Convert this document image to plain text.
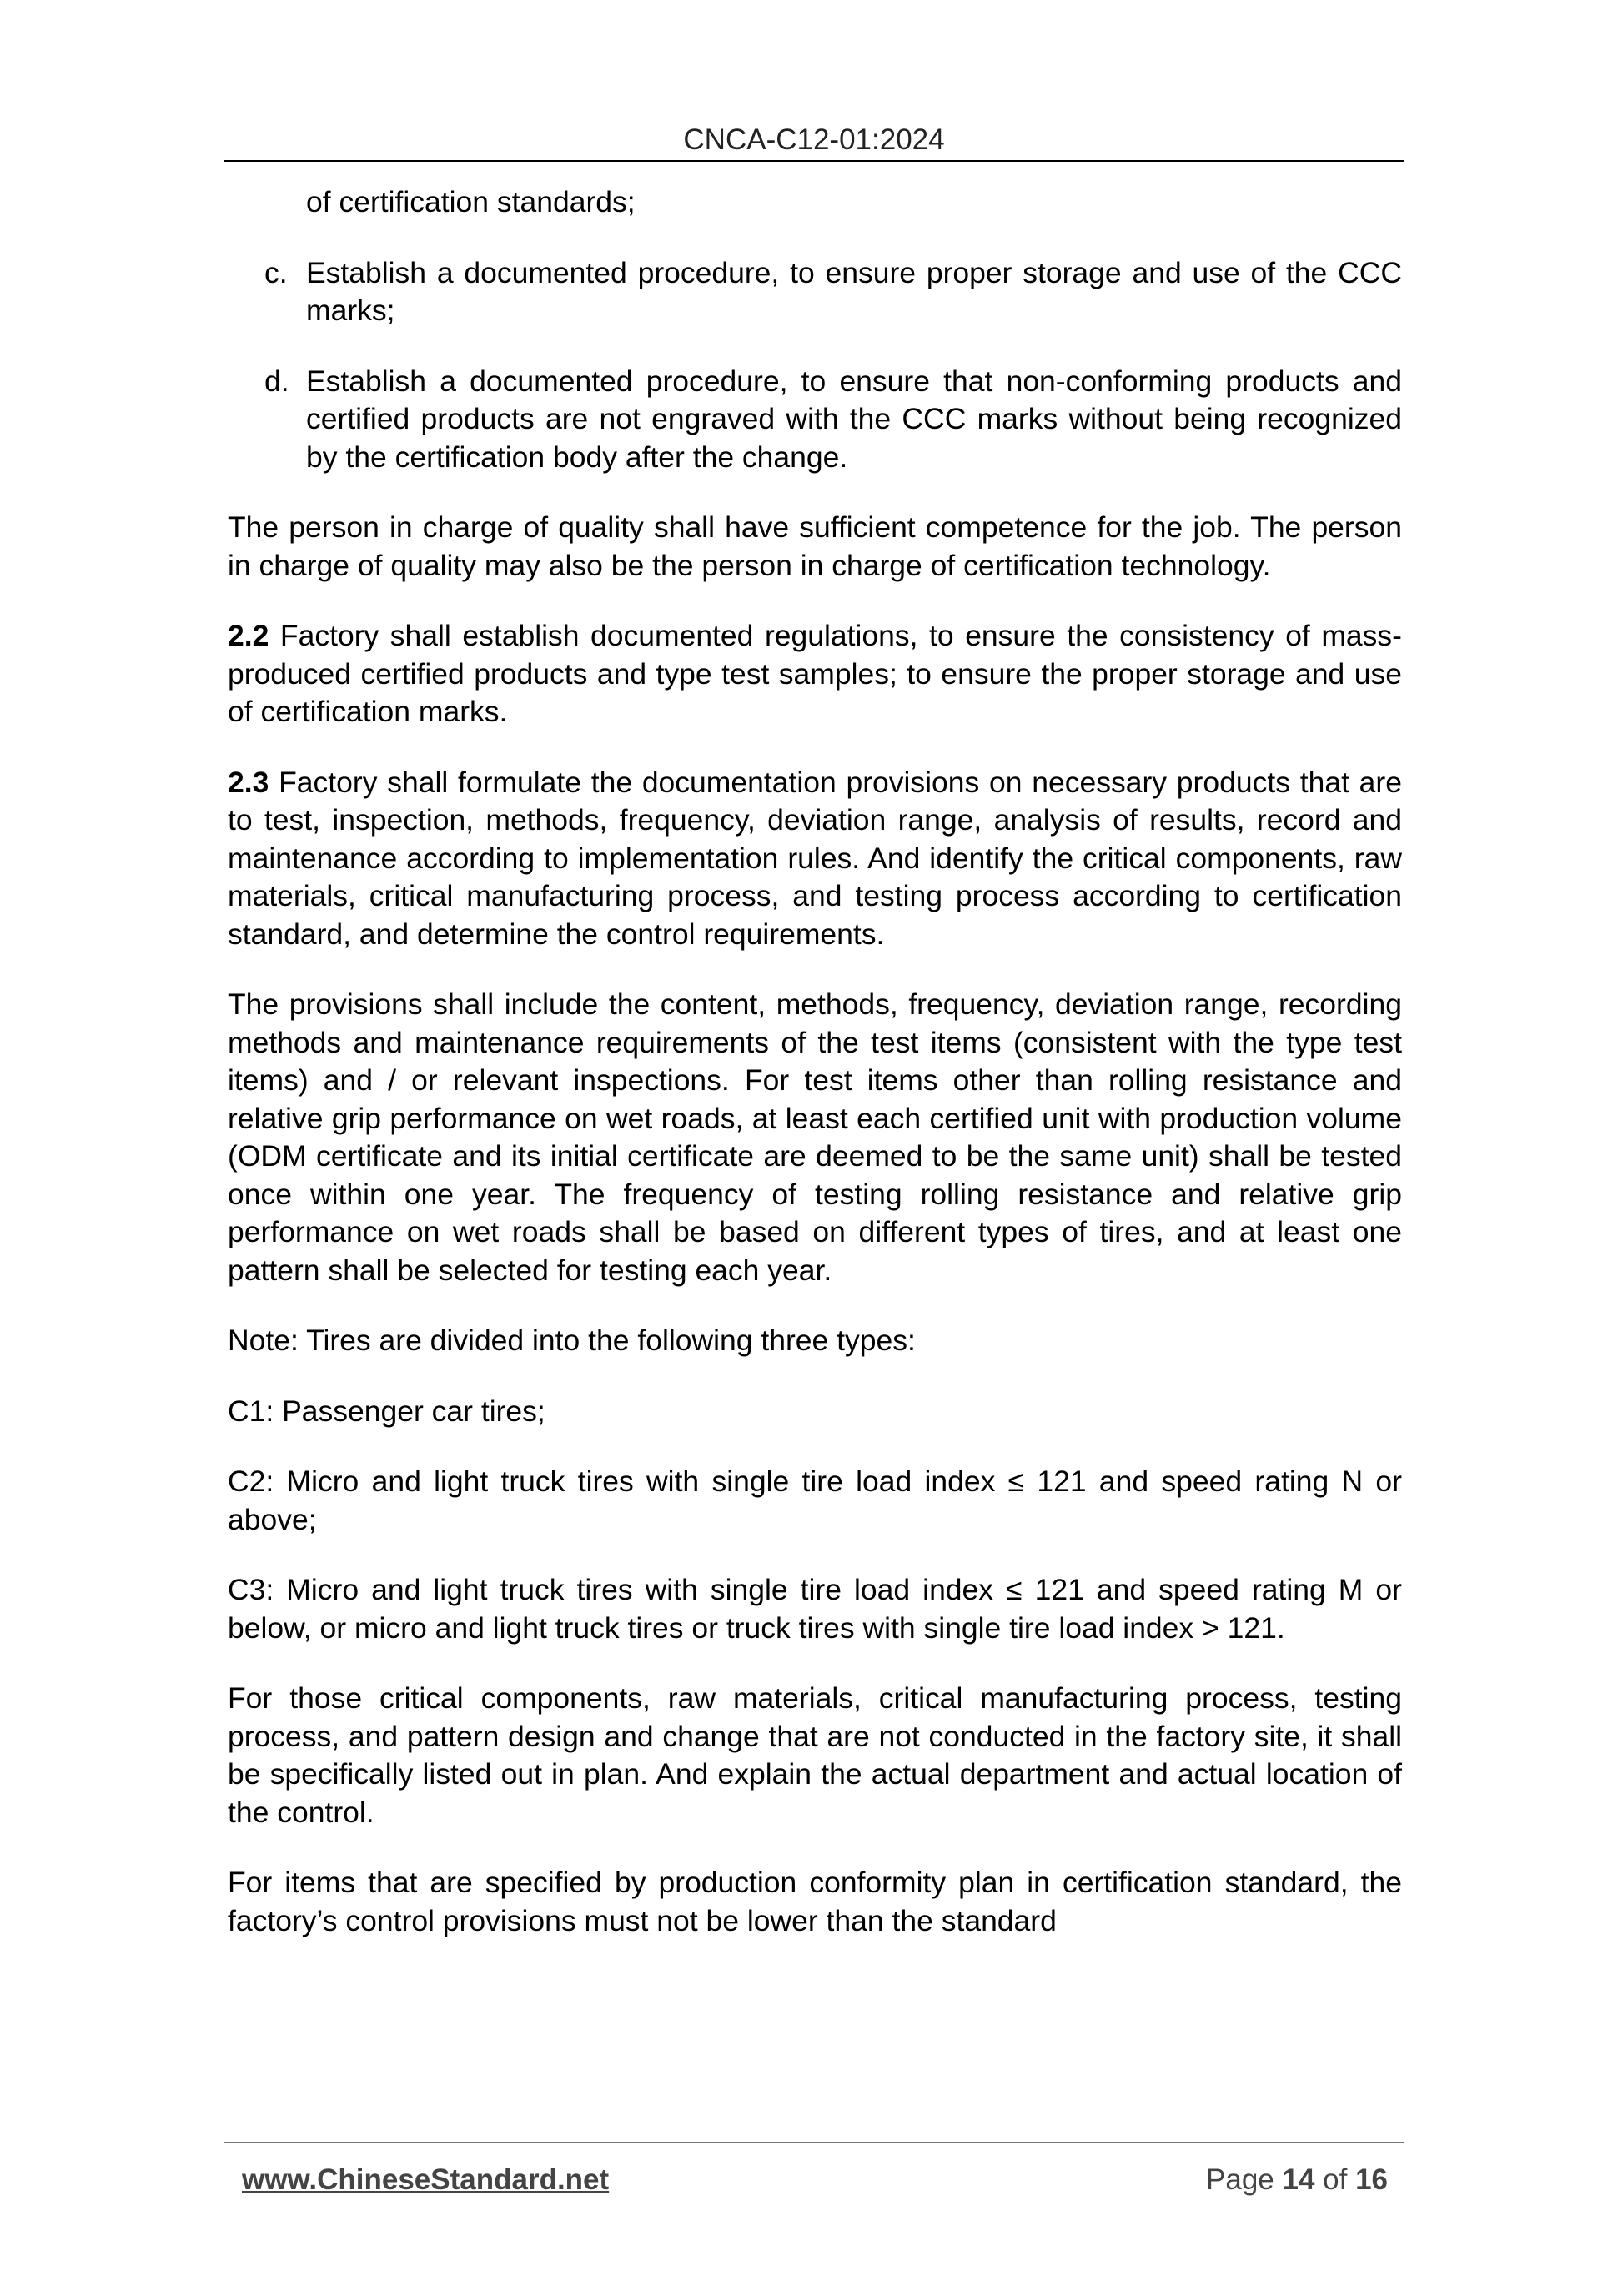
CNCA-C12-01:2024
of certification standards;
c. Establish a documented procedure, to ensure proper storage and use of the CCC marks;
d. Establish a documented procedure, to ensure that non-conforming products and certified products are not engraved with the CCC marks without being recognized by the certification body after the change.

The person in charge of quality shall have sufficient competence for the job. The person in charge of quality may also be the person in charge of certification technology.

2.2 Factory shall establish documented regulations, to ensure the consistency of mass-produced certified products and type test samples; to ensure the proper storage and use of certification marks.

2.3 Factory shall formulate the documentation provisions on necessary products that are to test, inspection, methods, frequency, deviation range, analysis of results, record and maintenance according to implementation rules. And identify the critical components, raw materials, critical manufacturing process, and testing process according to certification standard, and determine the control requirements.

The provisions shall include the content, methods, frequency, deviation range, recording methods and maintenance requirements of the test items (consistent with the type test items) and / or relevant inspections. For test items other than rolling resistance and relative grip performance on wet roads, at least each certified unit with production volume (ODM certificate and its initial certificate are deemed to be the same unit) shall be tested once within one year. The frequency of testing rolling resistance and relative grip performance on wet roads shall be based on different types of tires, and at least one pattern shall be selected for testing each year.

Note: Tires are divided into the following three types:

C1: Passenger car tires;

C2: Micro and light truck tires with single tire load index ≤ 121 and speed rating N or above;

C3: Micro and light truck tires with single tire load index ≤ 121 and speed rating M or below, or micro and light truck tires or truck tires with single tire load index > 121.

For those critical components, raw materials, critical manufacturing process, testing process, and pattern design and change that are not conducted in the factory site, it shall be specifically listed out in plan. And explain the actual department and actual location of the control.

For items that are specified by production conformity plan in certification standard, the factory’s control provisions must not be lower than the standard

www.ChineseStandard.net	Page 14 of 16
